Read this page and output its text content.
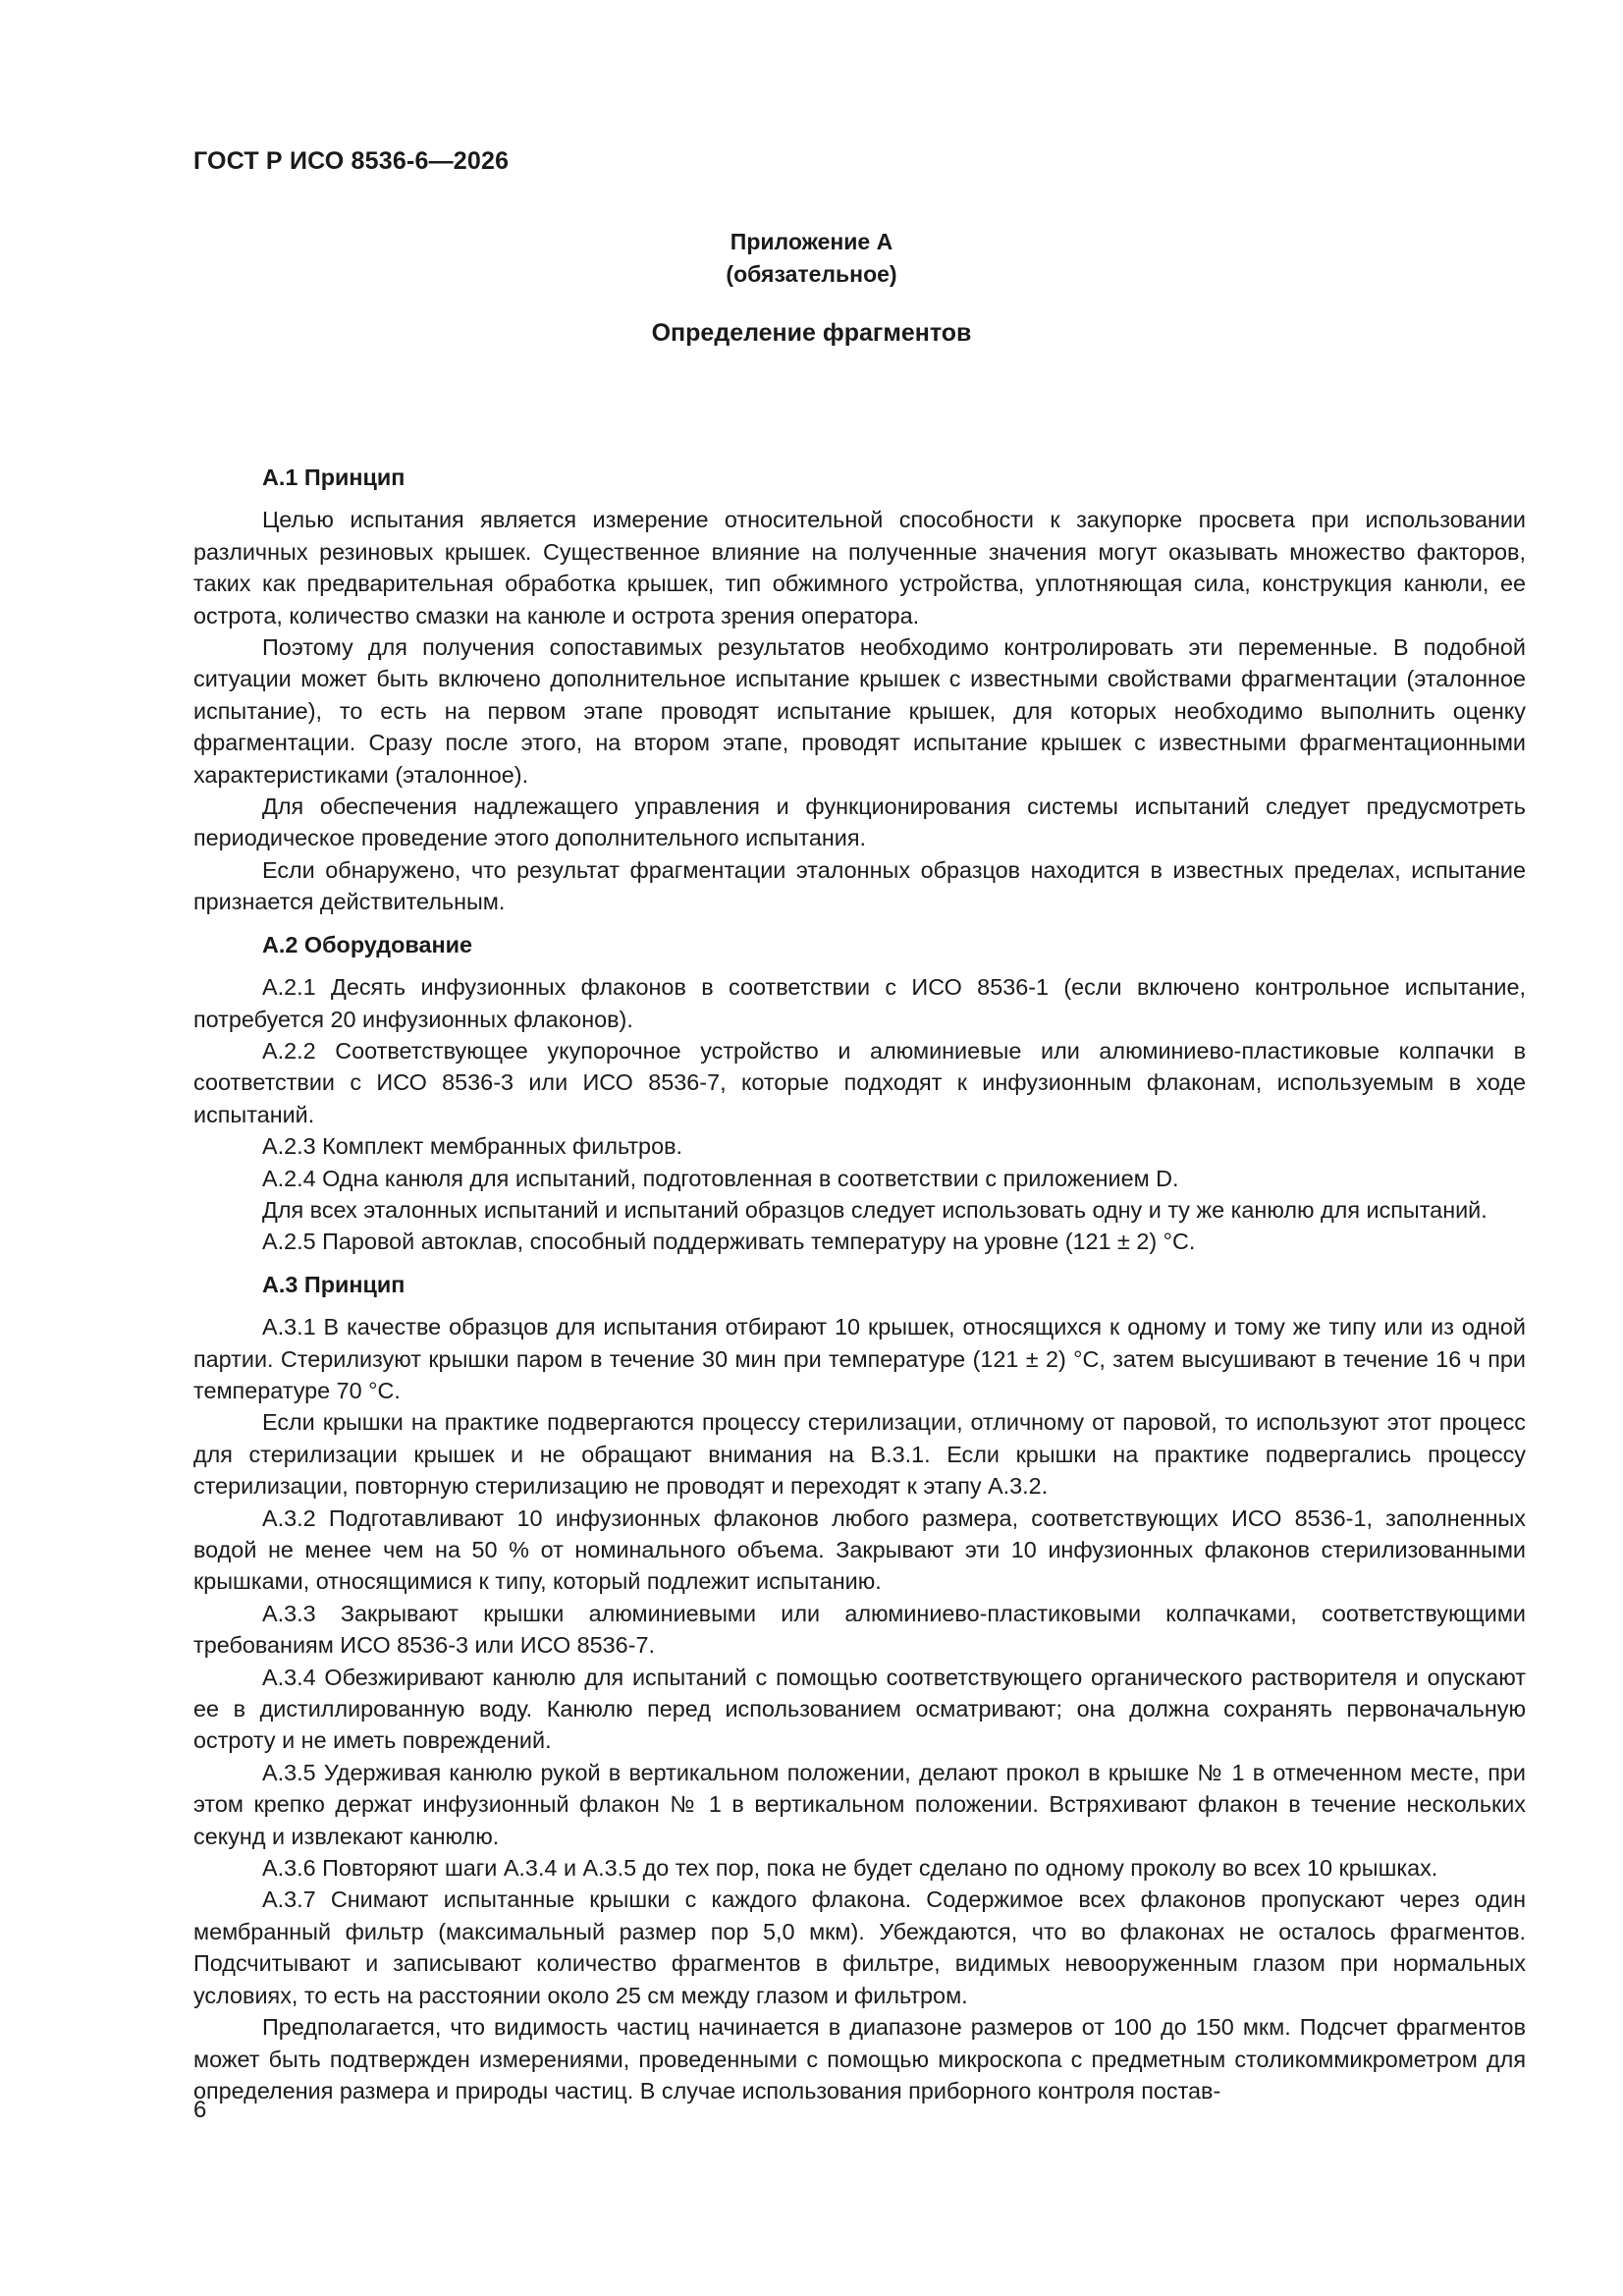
ГОСТ Р ИСО 8536-6—2026
Приложение А
(обязательное)
Определение фрагментов
А.1 Принцип

Целью испытания является измерение относительной способности к закупорке просвета при использовании различных резиновых крышек. Существенное влияние на полученные значения могут оказывать множество факторов, таких как предварительная обработка крышек, тип обжимного устройства, уплотняющая сила, конструкция канюли, ее острота, количество смазки на канюле и острота зрения оператора.

Поэтому для получения сопоставимых результатов необходимо контролировать эти переменные. В подобной ситуации может быть включено дополнительное испытание крышек с известными свойствами фрагментации (эталонное испытание), то есть на первом этапе проводят испытание крышек, для которых необходимо выполнить оценку фрагментации. Сразу после этого, на втором этапе, проводят испытание крышек с известными фрагментационными характеристиками (эталонное).

Для обеспечения надлежащего управления и функционирования системы испытаний следует предусмотреть периодическое проведение этого дополнительного испытания.

Если обнаружено, что результат фрагментации эталонных образцов находится в известных пределах, испытание признается действительным.

А.2 Оборудование

А.2.1 Десять инфузионных флаконов в соответствии с ИСО 8536-1 (если включено контрольное испытание, потребуется 20 инфузионных флаконов).

А.2.2 Соответствующее укупорочное устройство и алюминиевые или алюминиево-пластиковые колпачки в соответствии с ИСО 8536-3 или ИСО 8536-7, которые подходят к инфузионным флаконам, используемым в ходе испытаний.

А.2.3 Комплект мембранных фильтров.

А.2.4 Одна канюля для испытаний, подготовленная в соответствии с приложением D.

Для всех эталонных испытаний и испытаний образцов следует использовать одну и ту же канюлю для испытаний.

А.2.5 Паровой автоклав, способный поддерживать температуру на уровне (121 ± 2) °С.

А.3 Принцип

А.3.1 В качестве образцов для испытания отбирают 10 крышек, относящихся к одному и тому же типу или из одной партии. Стерилизуют крышки паром в течение 30 мин при температуре (121 ± 2) °С, затем высушивают в течение 16 ч при температуре 70 °С.

Если крышки на практике подвергаются процессу стерилизации, отличному от паровой, то используют этот процесс для стерилизации крышек и не обращают внимания на В.3.1. Если крышки на практике подвергались процессу стерилизации, повторную стерилизацию не проводят и переходят к этапу А.3.2.

А.3.2 Подготавливают 10 инфузионных флаконов любого размера, соответствующих ИСО 8536-1, заполненных водой не менее чем на 50 % от номинального объема. Закрывают эти 10 инфузионных флаконов стерилизованными крышками, относящимися к типу, который подлежит испытанию.

А.3.3 Закрывают крышки алюминиевыми или алюминиево-пластиковыми колпачками, соответствующими требованиям ИСО 8536-3 или ИСО 8536-7.

А.3.4 Обезжиривают канюлю для испытаний с помощью соответствующего органического растворителя и опускают ее в дистиллированную воду. Канюлю перед использованием осматривают; она должна сохранять первоначальную остроту и не иметь повреждений.

А.3.5 Удерживая канюлю рукой в вертикальном положении, делают прокол в крышке № 1 в отмеченном месте, при этом крепко держат инфузионный флакон № 1 в вертикальном положении. Встряхивают флакон в течение нескольких секунд и извлекают канюлю.

А.3.6 Повторяют шаги А.3.4 и А.3.5 до тех пор, пока не будет сделано по одному проколу во всех 10 крышках.

А.3.7 Снимают испытанные крышки с каждого флакона. Содержимое всех флаконов пропускают через один мембранный фильтр (максимальный размер пор 5,0 мкм). Убеждаются, что во флаконах не осталось фрагментов. Подсчитывают и записывают количество фрагментов в фильтре, видимых невооруженным глазом при нормальных условиях, то есть на расстоянии около 25 см между глазом и фильтром.

Предполагается, что видимость частиц начинается в диапазоне размеров от 100 до 150 мкм. Подсчет фрагментов может быть подтвержден измерениями, проведенными с помощью микроскопа с предметным столикоммикрометром для определения размера и природы частиц. В случае использования приборного контроля постав-

6
